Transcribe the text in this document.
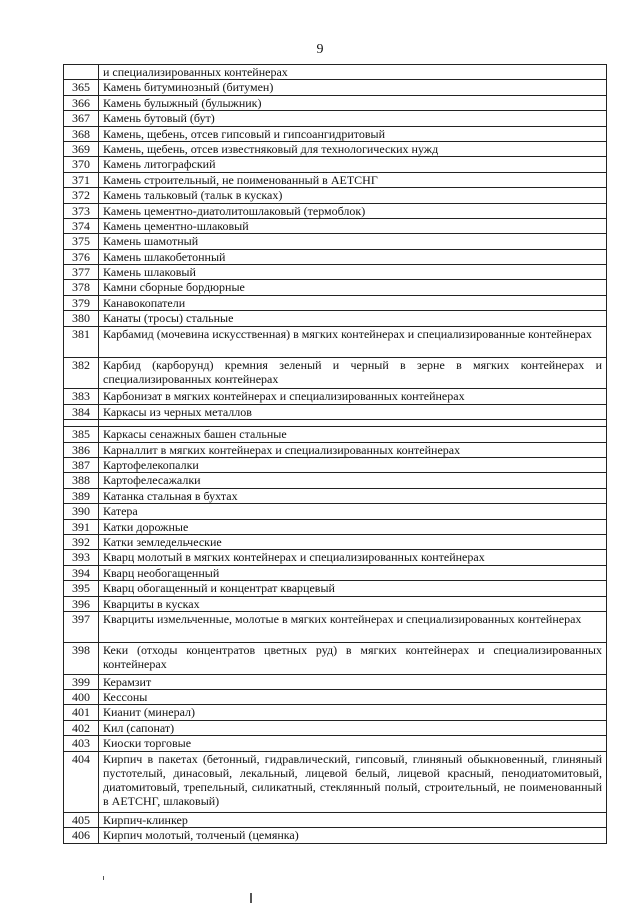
9
	и специализированных контейнерах
365	Камень битуминозный (битумен)
366	Камень булыжный (булыжник)
367	Камень бутовый (бут)
368	Камень, щебень, отсев гипсовый и гипсоангидритовый
369	Камень, щебень, отсев известняковый для технологических нужд
370	Камень литографский
371	Камень строительный, не поименованный в АЕТСНГ
372	Камень тальковый (тальк в кусках)
373	Камень цементно-диатолитошлаковый (термоблок)
374	Камень цементно-шлаковый
375	Камень шамотный
376	Камень шлакобетонный
377	Камень шлаковый
378	Камни сборные бордюрные
379	Канавокопатели
380	Канаты (тросы) стальные
381	Карбамид (мочевина искусственная) в мягких контейнерах и специализированные контейнерах
382	Карбид (карборунд) кремния зеленый и черный в зерне в мягких контейнерах и специализированных контейнерах
383	Карбонизат в мягких контейнерах и специализированных контейнерах
384	Каркасы из черных металлов

385	Каркасы сенажных башен стальные
386	Карналлит в мягких контейнерах и специализированных контейнерах
387	Картофелекопалки
388	Картофелесажалки
389	Катанка стальная в бухтах
390	Катера
391	Катки дорожные
392	Катки земледельческие
393	Кварц молотый в мягких контейнерах и специализированных контейнерах
394	Кварц необогащенный
395	Кварц обогащенный и концентрат кварцевый
396	Кварциты в кусках
397	Кварциты измельченные, молотые в мягких контейнерах и специализированных контейнерах
398	Кеки (отходы концентратов цветных руд) в мягких контейнерах и специализированных контейнерах
399	Керамзит
400	Кессоны
401	Кианит (минерал)
402	Кил (сапонат)
403	Киоски торговые
404	Кирпич в пакетах (бетонный, гидравлический, гипсовый, глиняный обыкновенный, глиняный пустотелый, динасовый, лекальный, лицевой белый, лицевой красный, пенодиатомитовый, диатомитовый, трепельный, силикатный, стеклянный полый, строительный, не поименованный в АЕТСНГ, шлаковый)
405	Кирпич-клинкер
406	Кирпич молотый, толченый (цемянка)
